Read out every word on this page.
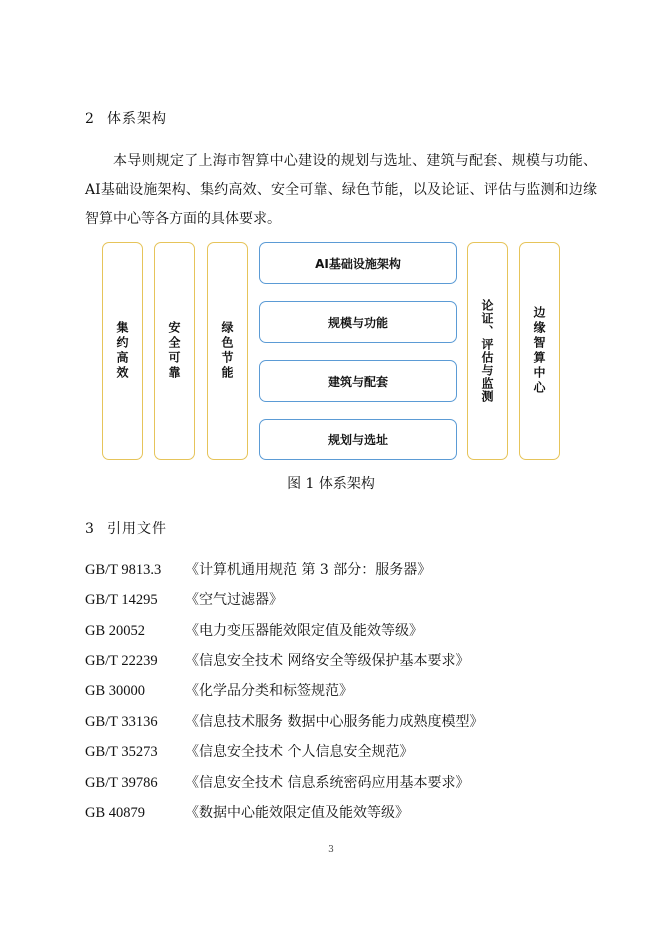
2 体系架构

本导则规定了上海市智算中心建设的规划与选址、建筑与配套、规模与功能、AI基础设施架构、集约高效、安全可靠、绿色节能，以及论证、评估与监测和边缘智算中心等各方面的具体要求。

集约高效	安全可靠	绿色节能
AI基础设施架构
规模与功能
建筑与配套
规划与选址
论证、评估与监测	边缘智算中心
图 1 体系架构
3 引用文件
GB/T 9813.3 《计算机通用规范 第 3 部分：服务器》
GB/T 14295 《空气过滤器》
GB 20052	《电力变压器能效限定值及能效等级》
GB/T 22239 《信息安全技术 网络安全等级保护基本要求》
GB 30000	《化学品分类和标签规范》
GB/T 33136 《信息技术服务 数据中心服务能力成熟度模型》
GB/T 35273 《信息安全技术 个人信息安全规范》
GB/T 39786 《信息安全技术 信息系统密码应用基本要求》
GB 40879	《数据中心能效限定值及能效等级》
3
